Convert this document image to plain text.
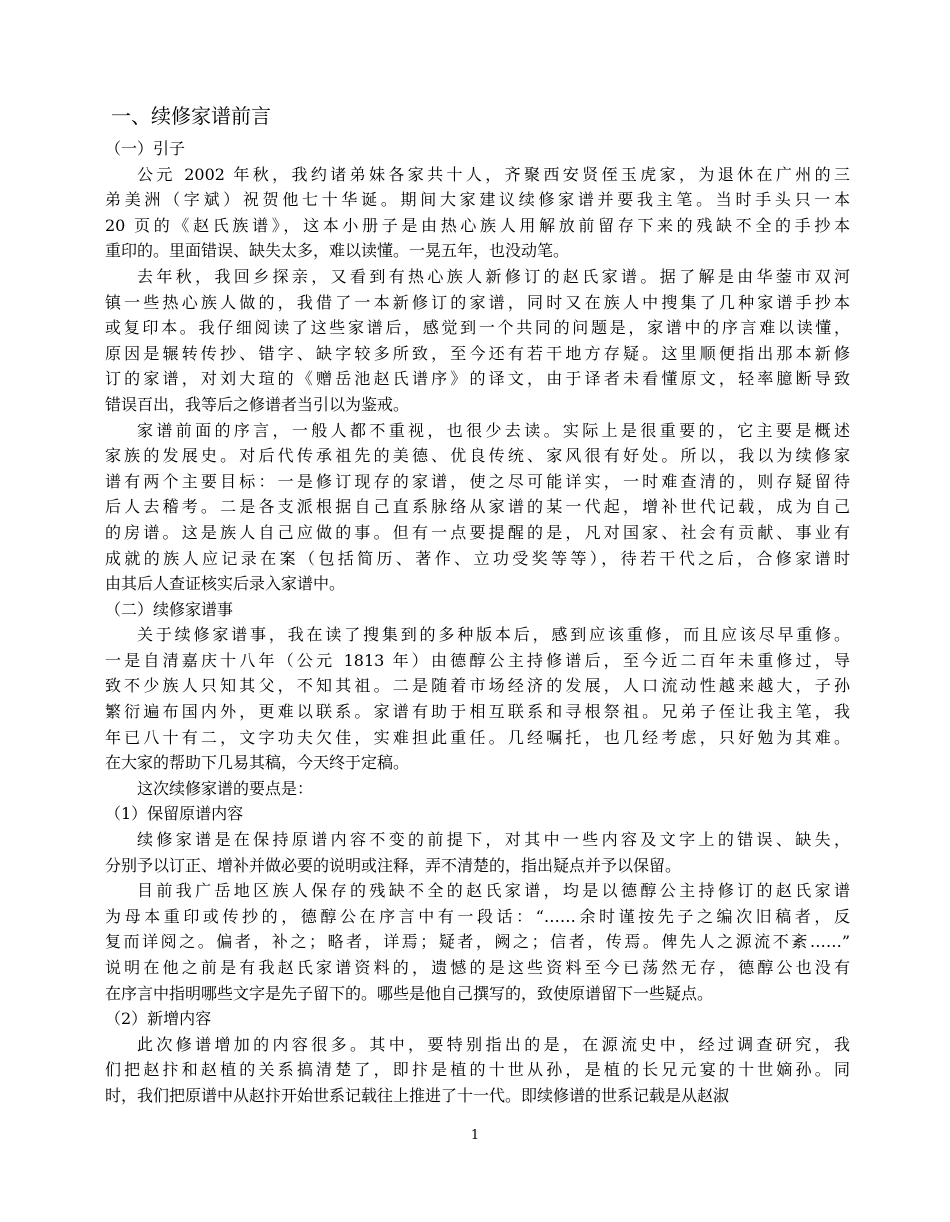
一、续修家谱前言
（一）引子
公元 2002 年秋，我约诸弟妹各家共十人，齐聚西安贤侄玉虎家，为退休在广州的三
弟美洲（字斌）祝贺他七十华诞。期间大家建议续修家谱并要我主笔。当时手头只一本
20 页的《赵氏族谱》，这本小册子是由热心族人用解放前留存下来的残缺不全的手抄本
重印的。里面错误、缺失太多，难以读懂。一晃五年，也没动笔。
去年秋，我回乡探亲，又看到有热心族人新修订的赵氏家谱。据了解是由华蓥市双河
镇一些热心族人做的，我借了一本新修订的家谱，同时又在族人中搜集了几种家谱手抄本
或复印本。我仔细阅读了这些家谱后，感觉到一个共同的问题是，家谱中的序言难以读懂，
原因是辗转传抄、错字、缺字较多所致，至今还有若干地方存疑。这里顺便指出那本新修
订的家谱，对刘大瑄的《赠岳池赵氏谱序》的译文，由于译者未看懂原文，轻率臆断导致
错误百出，我等后之修谱者当引以为鉴戒。
家谱前面的序言，一般人都不重视，也很少去读。实际上是很重要的，它主要是概述
家族的发展史。对后代传承祖先的美德、优良传统、家风很有好处。所以，我以为续修家
谱有两个主要目标：一是修订现存的家谱，使之尽可能详实，一时难查清的，则存疑留待
后人去稽考。二是各支派根据自己直系脉络从家谱的某一代起，增补世代记载，成为自己
的房谱。这是族人自己应做的事。但有一点要提醒的是，凡对国家、社会有贡献、事业有
成就的族人应记录在案（包括简历、著作、立功受奖等等），待若干代之后，合修家谱时
由其后人查证核实后录入家谱中。
（二）续修家谱事
关于续修家谱事，我在读了搜集到的多种版本后，感到应该重修，而且应该尽早重修。
一是自清嘉庆十八年（公元 1813 年）由德醇公主持修谱后，至今近二百年未重修过，导
致不少族人只知其父，不知其祖。二是随着市场经济的发展，人口流动性越来越大，子孙
繁衍遍布国内外，更难以联系。家谱有助于相互联系和寻根祭祖。兄弟子侄让我主笔，我
年已八十有二，文字功夫欠佳，实难担此重任。几经嘱托，也几经考虑，只好勉为其难。
在大家的帮助下几易其稿，今天终于定稿。
这次续修家谱的要点是：
（1）保留原谱内容
续修家谱是在保持原谱内容不变的前提下，对其中一些内容及文字上的错误、缺失，
分别予以订正、增补并做必要的说明或注释，弄不清楚的，指出疑点并予以保留。
目前我广岳地区族人保存的残缺不全的赵氏家谱，均是以德醇公主持修订的赵氏家谱
为母本重印或传抄的，德醇公在序言中有一段话：“……余时谨按先子之编次旧稿者，反
复而详阅之。偏者，补之；略者，详焉；疑者，阙之；信者，传焉。俾先人之源流不紊……”
说明在他之前是有我赵氏家谱资料的，遗憾的是这些资料至今已荡然无存，德醇公也没有
在序言中指明哪些文字是先子留下的。哪些是他自己撰写的，致使原谱留下一些疑点。
（2）新增内容
此次修谱增加的内容很多。其中，要特别指出的是，在源流史中，经过调查研究，我
们把赵抃和赵植的关系搞清楚了，即抃是植的十世从孙，是植的长兄元宴的十世嫡孙。同
时，我们把原谱中从赵抃开始世系记载往上推进了十一代。即续修谱的世系记载是从赵淑
1
